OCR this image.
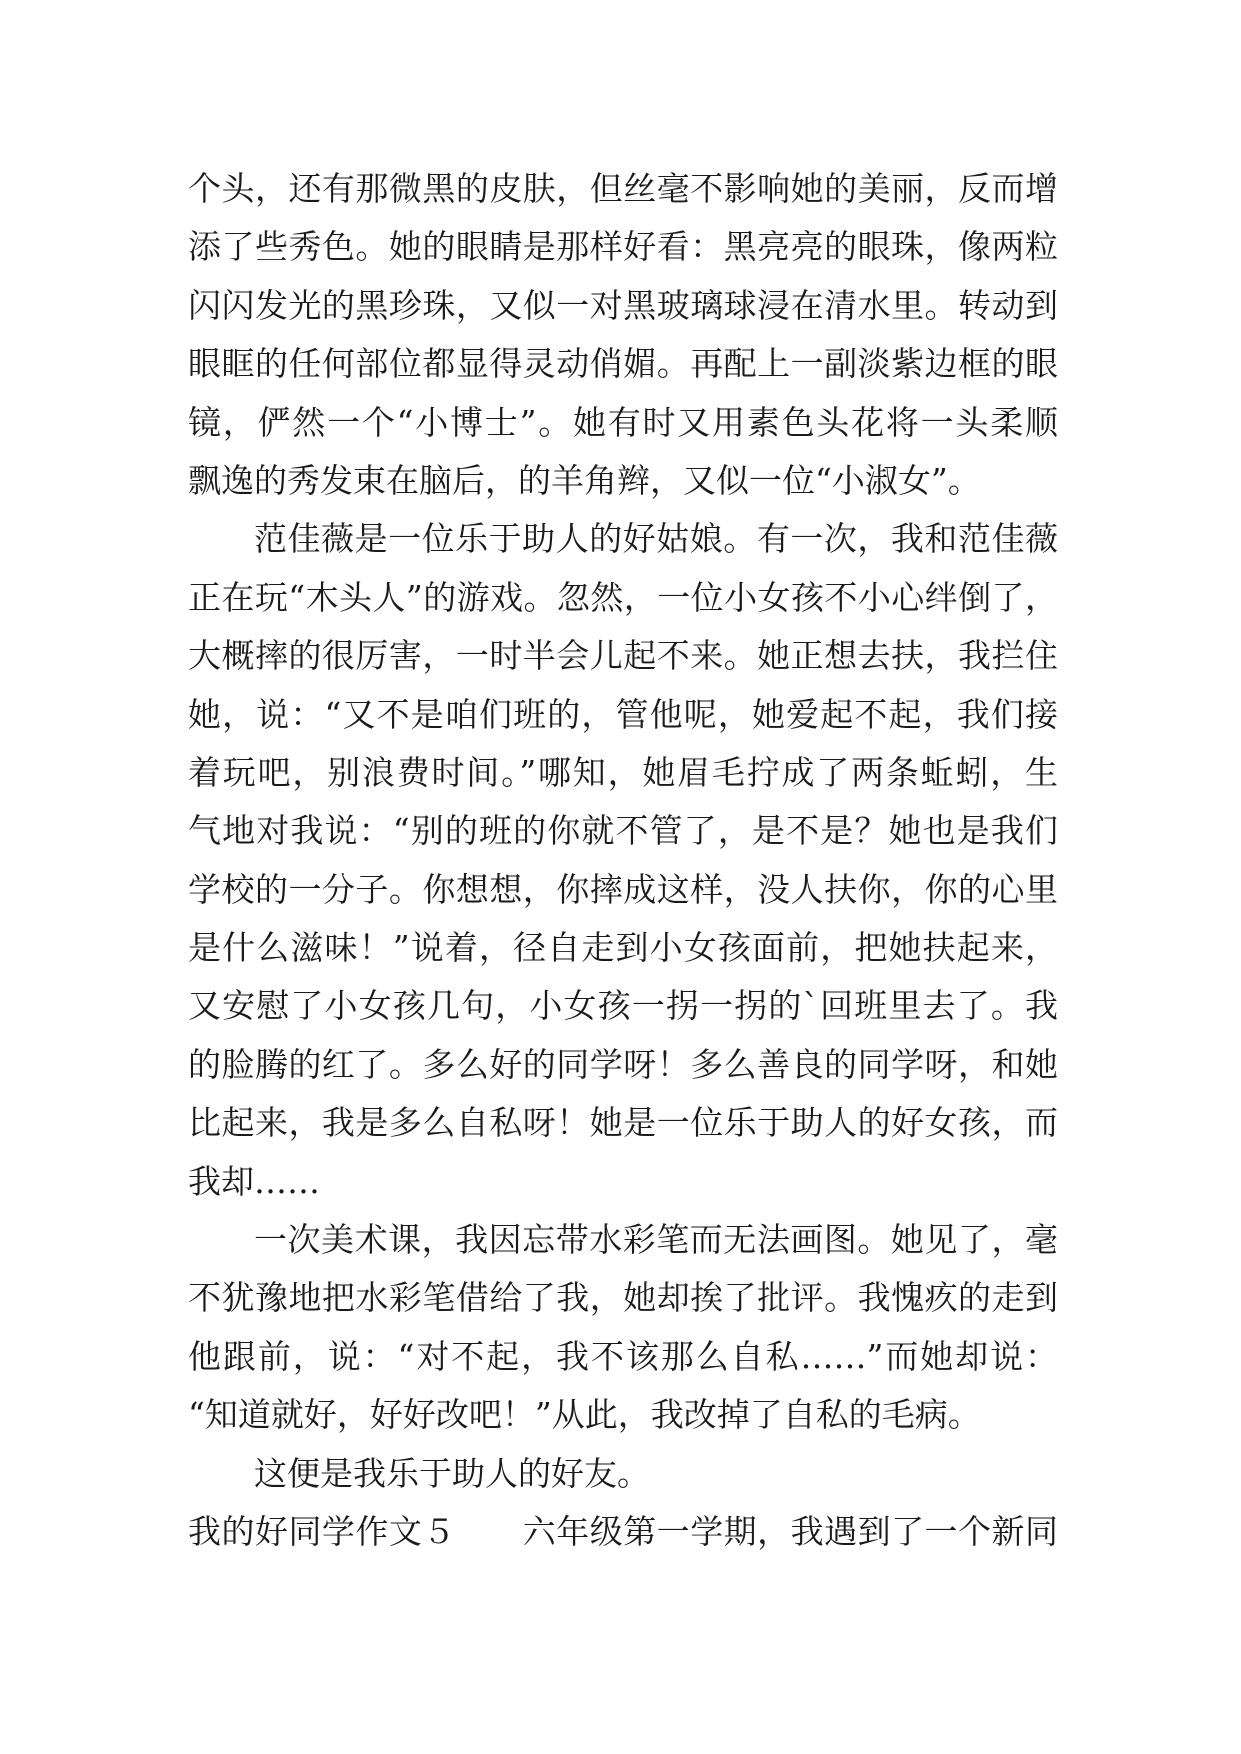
个头，还有那微黑的皮肤，但丝毫不影响她的美丽，反而增
添了些秀色。她的眼睛是那样好看：黑亮亮的眼珠，像两粒
闪闪发光的黑珍珠，又似一对黑玻璃球浸在清水里。转动到
眼眶的任何部位都显得灵动俏媚。再配上一副淡紫边框的眼
镜，俨然一个“小博士”。她有时又用素色头花将一头柔顺
飘逸的秀发束在脑后，的羊角辫，又似一位“小淑女”。
范佳薇是一位乐于助人的好姑娘。有一次，我和范佳薇
正在玩“木头人”的游戏。忽然，一位小女孩不小心绊倒了，
大概摔的很厉害，一时半会儿起不来。她正想去扶，我拦住
她，说：“又不是咱们班的，管他呢，她爱起不起，我们接
着玩吧，别浪费时间。”哪知，她眉毛拧成了两条蚯蚓，生
气地对我说：“别的班的你就不管了，是不是？她也是我们
学校的一分子。你想想，你摔成这样，没人扶你，你的心里
是什么滋味！”说着，径自走到小女孩面前，把她扶起来，
又安慰了小女孩几句，小女孩一拐一拐的`回班里去了。我
的脸腾的红了。多么好的同学呀！多么善良的同学呀，和她
比起来，我是多么自私呀！她是一位乐于助人的好女孩，而
我却……
一次美术课，我因忘带水彩笔而无法画图。她见了，毫
不犹豫地把水彩笔借给了我，她却挨了批评。我愧疚的走到
他跟前，说：“对不起，我不该那么自私……”而她却说：
“知道就好，好好改吧！”从此，我改掉了自私的毛病。
这便是我乐于助人的好友。
我的好同学作文５　　六年级第一学期，我遇到了一个新同
